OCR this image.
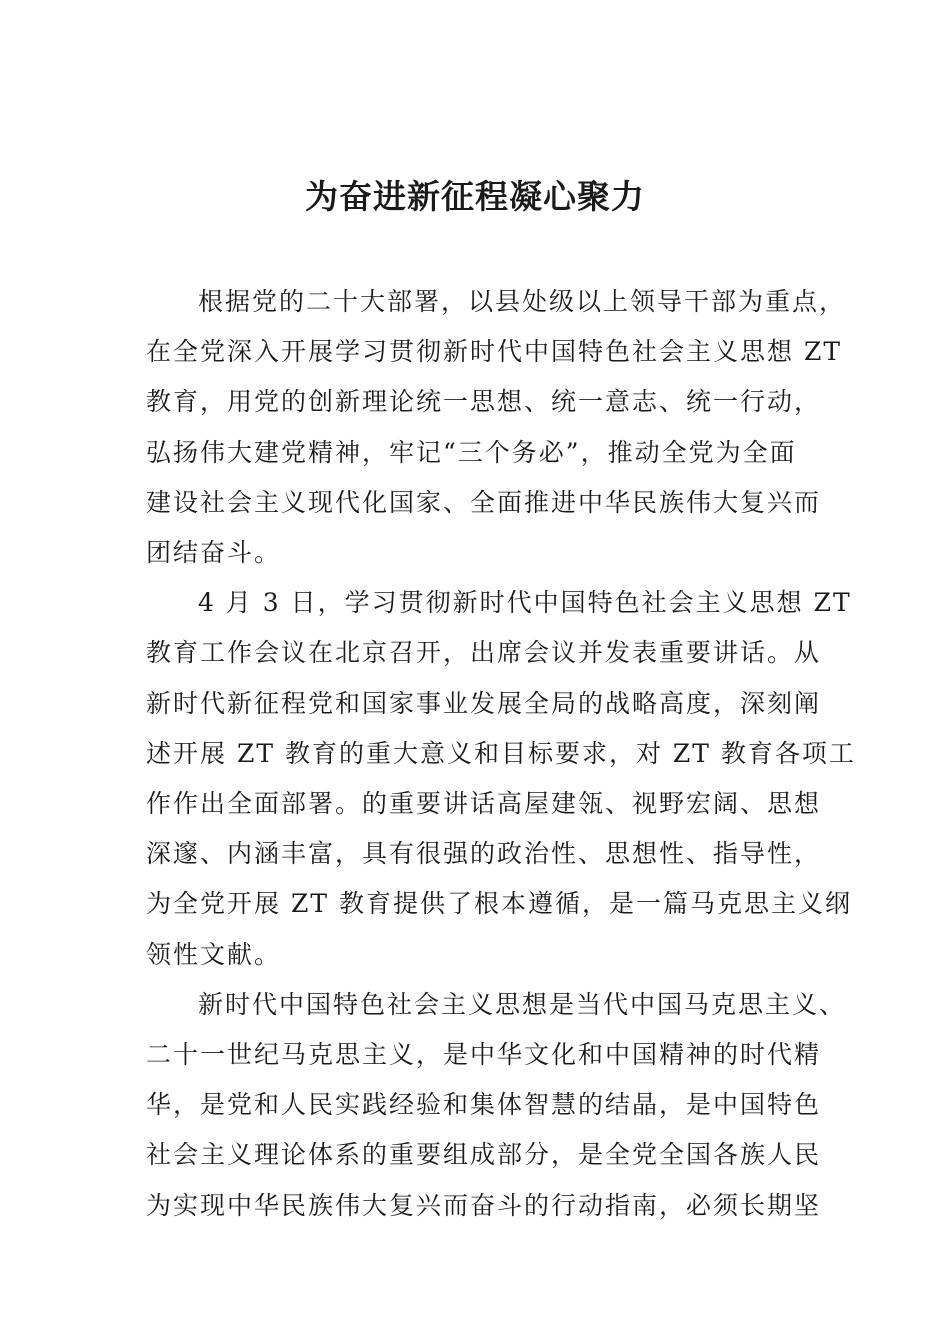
为奋进新征程凝心聚力

根据党的二十大部署，以县处级以上领导干部为重点，
在全党深入开展学习贯彻新时代中国特色社会主义思想 ZT
教育，用党的创新理论统一思想、统一意志、统一行动，
弘扬伟大建党精神，牢记“三个务必”，推动全党为全面
建设社会主义现代化国家、全面推进中华民族伟大复兴而
团结奋斗。

4 月 3 日，学习贯彻新时代中国特色社会主义思想 ZT
教育工作会议在北京召开，出席会议并发表重要讲话。从
新时代新征程党和国家事业发展全局的战略高度，深刻阐
述开展 ZT 教育的重大意义和目标要求，对 ZT 教育各项工
作作出全面部署。的重要讲话高屋建瓴、视野宏阔、思想
深邃、内涵丰富，具有很强的政治性、思想性、指导性，
为全党开展 ZT 教育提供了根本遵循，是一篇马克思主义纲
领性文献。

新时代中国特色社会主义思想是当代中国马克思主义、
二十一世纪马克思主义，是中华文化和中国精神的时代精
华，是党和人民实践经验和集体智慧的结晶，是中国特色
社会主义理论体系的重要组成部分，是全党全国各族人民
为实现中华民族伟大复兴而奋斗的行动指南，必须长期坚
